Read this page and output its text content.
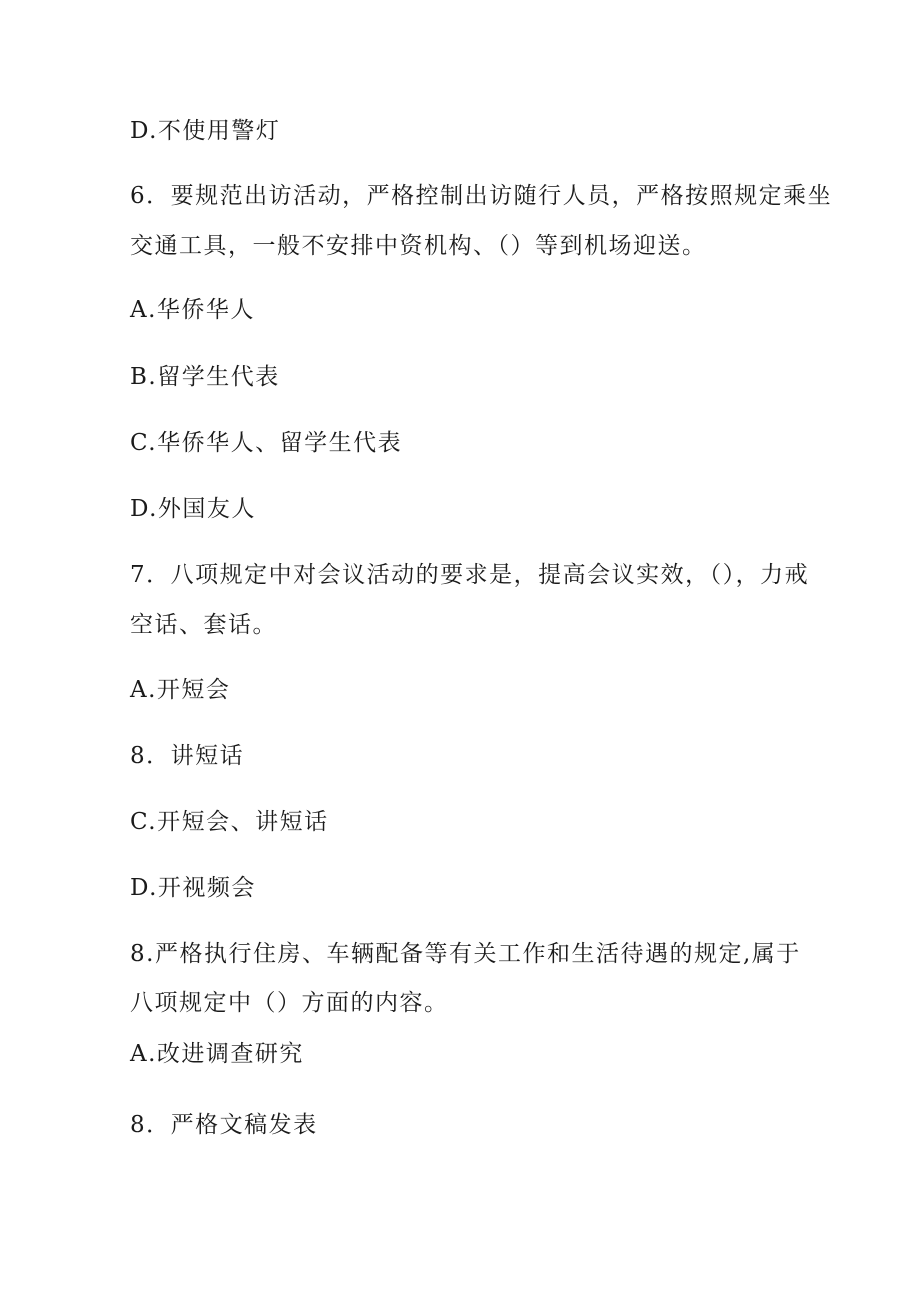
D.不使用警灯
6．要规范出访活动，严格控制出访随行人员，严格按照规定乘坐
交通工具，一般不安排中资机构、（）等到机场迎送。
A.华侨华人
B.留学生代表
C.华侨华人、留学生代表
D.外国友人
7．八项规定中对会议活动的要求是，提高会议实效，（），力戒
空话、套话。
A.开短会
8．讲短话
C.开短会、讲短话
D.开视频会
8.严格执行住房、车辆配备等有关工作和生活待遇的规定,属于
八项规定中（）方面的内容。
A.改进调查研究
8．严格文稿发表
